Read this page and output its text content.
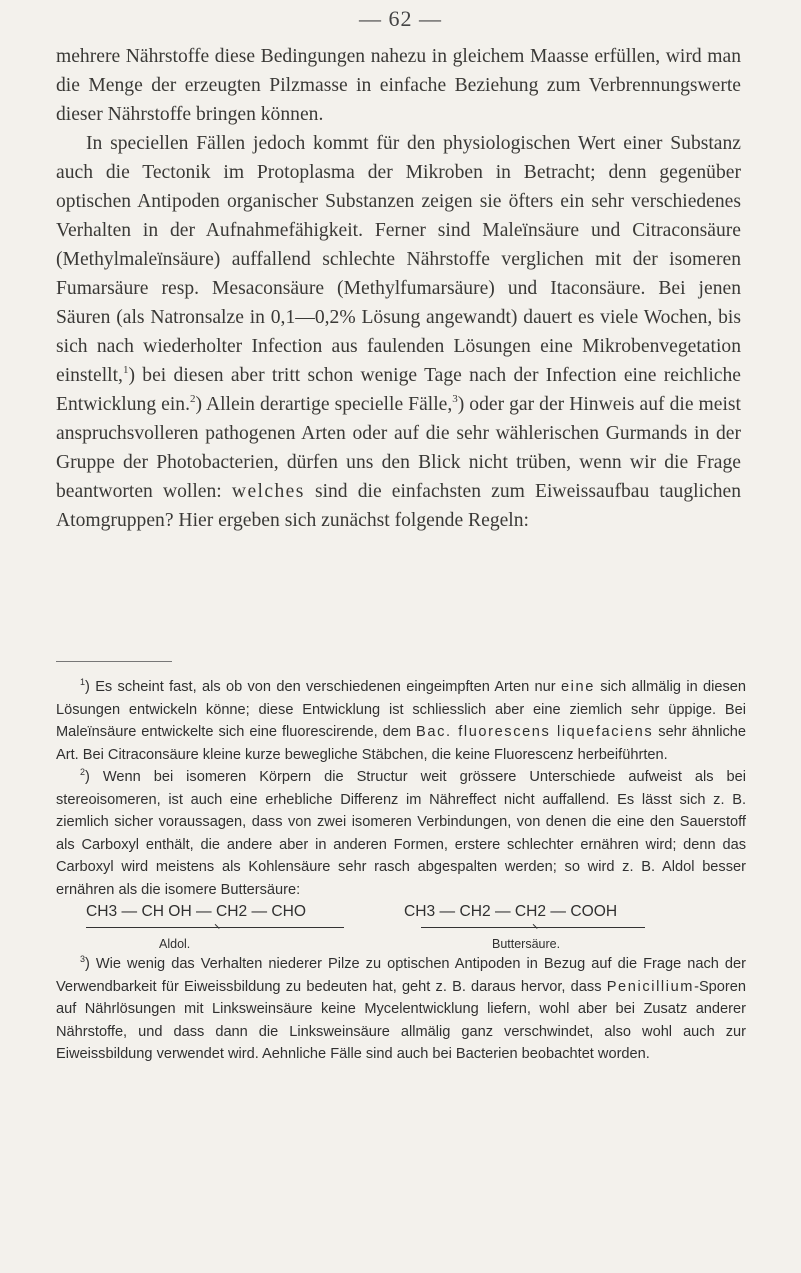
— 62 —

mehrere Nährstoffe diese Bedingungen nahezu in gleichem Maasse erfüllen, wird man die Menge der erzeugten Pilzmasse in einfache Beziehung zum Verbrennungswerte dieser Nährstoffe bringen können.

In speciellen Fällen jedoch kommt für den physiologischen Wert einer Substanz auch die Tectonik im Protoplasma der Mikroben in Betracht; denn gegenüber optischen Antipoden organischer Substanzen zeigen sie öfters ein sehr verschiedenes Verhalten in der Aufnahmefähigkeit. Ferner sind Maleïnsäure und Citraconsäure (Methylmaleïnsäure) auffallend schlechte Nährstoffe verglichen mit der isomeren Fumarsäure resp. Mesaconsäure (Methylfumarsäure) und Itaconsäure. Bei jenen Säuren (als Natronsalze in 0,1—0,2% Lösung angewandt) dauert es viele Wochen, bis sich nach wiederholter Infection aus faulenden Lösungen eine Mikrobenvegetation einstellt,$^1$) bei diesen aber tritt schon wenige Tage nach der Infection eine reichliche Entwicklung ein.$^2$) Allein derartige specielle Fälle,$^3$) oder gar der Hinweis auf die meist anspruchsvolleren pathogenen Arten oder auf die sehr wählerischen Gurmands in der Gruppe der Photobacterien, dürfen uns den Blick nicht trüben, wenn wir die Frage beantworten wollen: welches sind die einfachsten zum Eiweissaufbau tauglichen Atomgruppen? Hier ergeben sich zunächst folgende Regeln:

$^1$) Es scheint fast, als ob von den verschiedenen eingeimpften Arten nur eine sich allmälig in diesen Lösungen entwickeln könne; diese Entwicklung ist schliesslich aber eine ziemlich sehr üppige. Bei Maleïnsäure entwickelte sich eine fluorescirende, dem Bac. fluorescens liquefaciens sehr ähnliche Art. Bei Citraconsäure kleine kurze bewegliche Stäbchen, die keine Fluorescenz herbeiführten.

$^2$) Wenn bei isomeren Körpern die Structur weit grössere Unterschiede aufweist als bei stereoisomeren, ist auch eine erhebliche Differenz im Nähreffect nicht auffallend. Es lässt sich z. B. ziemlich sicher voraussagen, dass von zwei isomeren Verbindungen, von denen die eine den Sauerstoff als Carboxyl enthält, die andere aber in anderen Formen, erstere schlechter ernähren wird; denn das Carboxyl wird meistens als Kohlensäure sehr rasch abgespalten werden; so wird z. B. Aldol besser ernähren als die isomere Buttersäure:

CH3 — CH OH — CH2 — CHO	CH3 — CH2 — CH2 — COOH
Aldol.	Buttersäure.

$^3$) Wie wenig das Verhalten niederer Pilze zu optischen Antipoden in Bezug auf die Frage nach der Verwendbarkeit für Eiweissbildung zu bedeuten hat, geht z. B. daraus hervor, dass Penicillium-Sporen auf Nährlösungen mit Linksweinsäure keine Mycelentwicklung liefern, wohl aber bei Zusatz anderer Nährstoffe, und dass dann die Linksweinsäure allmälig ganz verschwindet, also wohl auch zur Eiweissbildung verwendet wird. Aehnliche Fälle sind auch bei Bacterien beobachtet worden.
